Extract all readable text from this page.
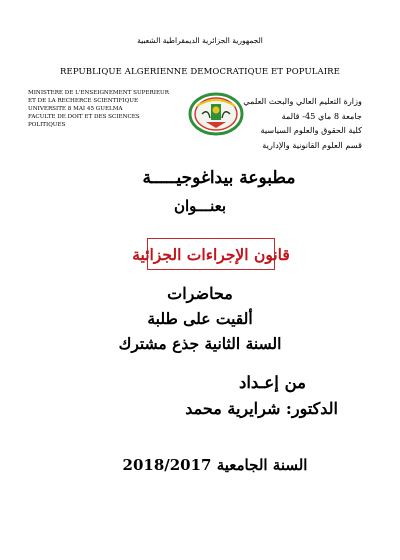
الجمهورية الجزائرية الديمقراطية الشعبية
REPUBLIQUE ALGERIENNE DEMOCRATIQUE ET POPULAIRE
MINISTERE DE L'ENSEIGNEMENT SUPERIEUR
ET DE LA RECHERCE SCIENTIFIQUE
UNIVERSITE 8 MAI 45 GUELMA
FACULTE DE DOIT ET DES SCIENCES
POLITIQUES
وزارة التعليم العالي والبحث العلمي
جامعة 8 ماي 45- قالمة
كلية الحقوق والعلوم السياسية
قسم العلوم القانونية والإدارية
مطبوعة بيداغوجيـــــة
بعنـــوان
قانون الإجراءات الجزائية
محاضرات
ألقيت على طلبة
السنة الثانية جذع مشترك
من إعـداد
الدكتور: شرايرية محمد
السنة الجامعية 2018/2017
